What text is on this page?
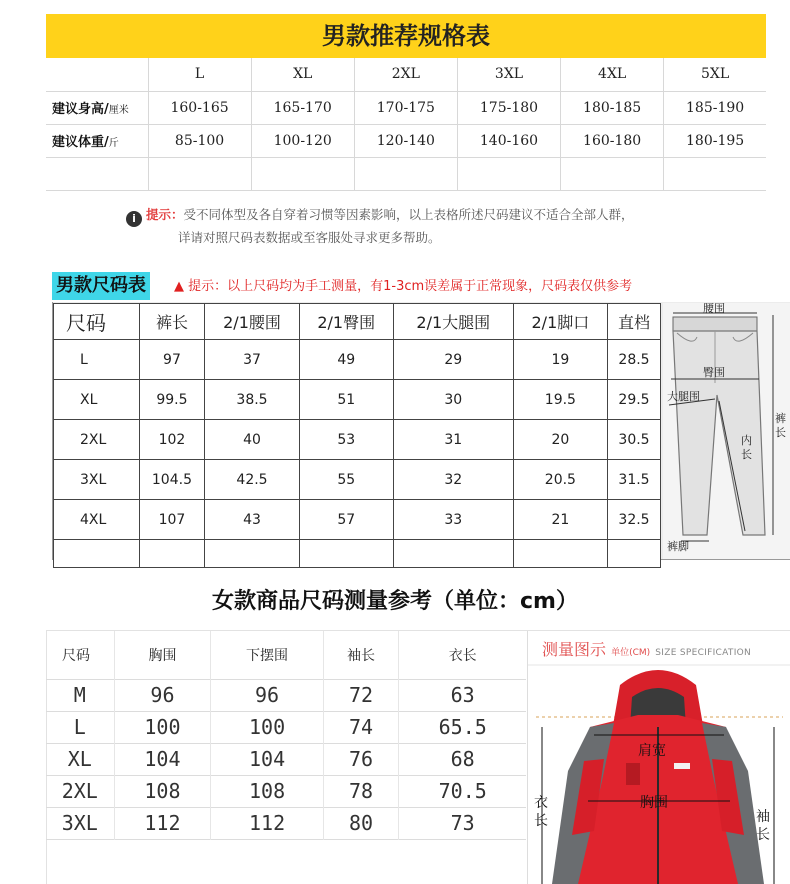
男款推荐规格表
	L	XL	2XL	3XL	4XL	5XL
建议身高/厘米	160-165	165-170	170-175	175-180	180-185	185-190
建议体重/斤	85-100	100-120	120-140	140-160	160-180	180-195

i 提示：受不同体型及各自穿着习惯等因素影响，以上表格所述尺码建议不适合全部人群，
详请对照尺码表数据或至客服处寻求更多帮助。
男款尺码表	▲ 提示：以上尺码均为手工测量，有1-3cm误差属于正常现象，尺码表仅供参考
尺码	裤长	2/1腰围	2/1臀围	2/1大腿围	2/1脚口	直档
L	97	37	49	29	19	28.5
XL	99.5	38.5	51	30	19.5	29.5
2XL	102	40	53	31	20	30.5
3XL	104.5	42.5	55	32	20.5	31.5
4XL	107	43	57	33	21	32.5

腰围
臀围
大腿围
内
长
裤
长
裤脚
女款商品尺码测量参考（单位：cm）
尺码	胸围	下摆围	袖长	衣长
M	96	96	72	63
L	100	100	74	65.5
XL	104	104	76	68
2XL	108	108	78	70.5
3XL	112	112	80	73
测量图示 单位(CM) SIZE SPECIFICATION
肩宽
胸围
衣
长	袖
长
